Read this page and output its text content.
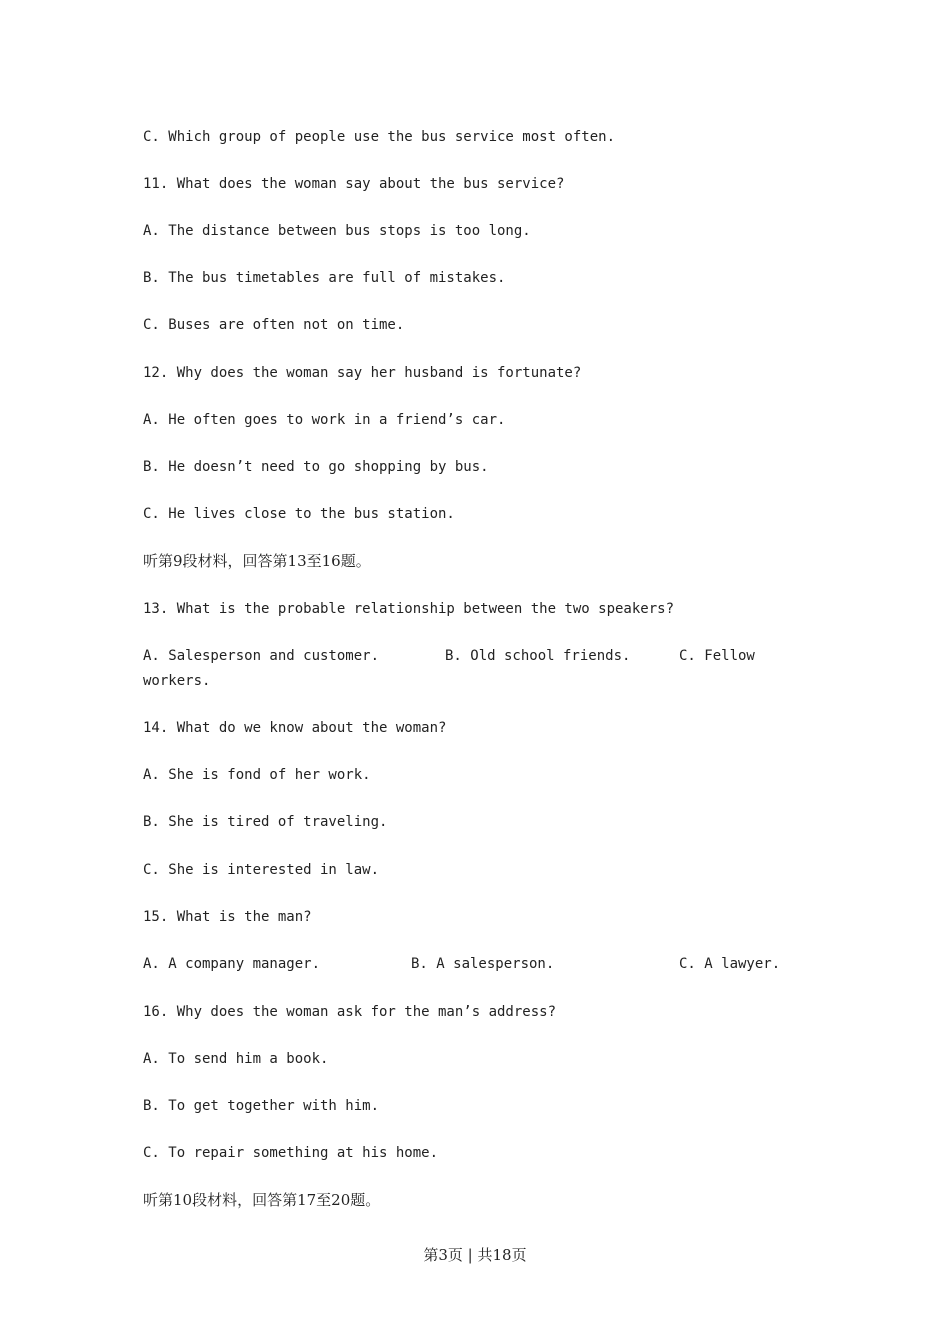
C. Which group of people use the bus service most often.

11. What does the woman say about the bus service?

A. The distance between bus stops is too long.

B. The bus timetables are full of mistakes.

C. Buses are often not on time.

12. Why does the woman say her husband is fortunate?

A. He often goes to work in a friend’s car.

B. He doesn’t need to go shopping by bus.

C. He lives close to the bus station.

听第9段材料，回答第13至16题。

13. What is the probable relationship between the two speakers?

A. Salesperson and customer.

	B. Old school friends.

	C. Fellow

workers.

14. What do we know about the woman?

A. She is fond of her work.

B. She is tired of traveling.

C. She is interested in law.

15. What is the man?

A. A company manager.

	B. A salesperson.

	C. A lawyer.

16. Why does the woman ask for the man’s address?

A. To send him a book.

B. To get together with him.

C. To repair something at his home.

听第10段材料，回答第17至20题。

第3页 | 共18页
